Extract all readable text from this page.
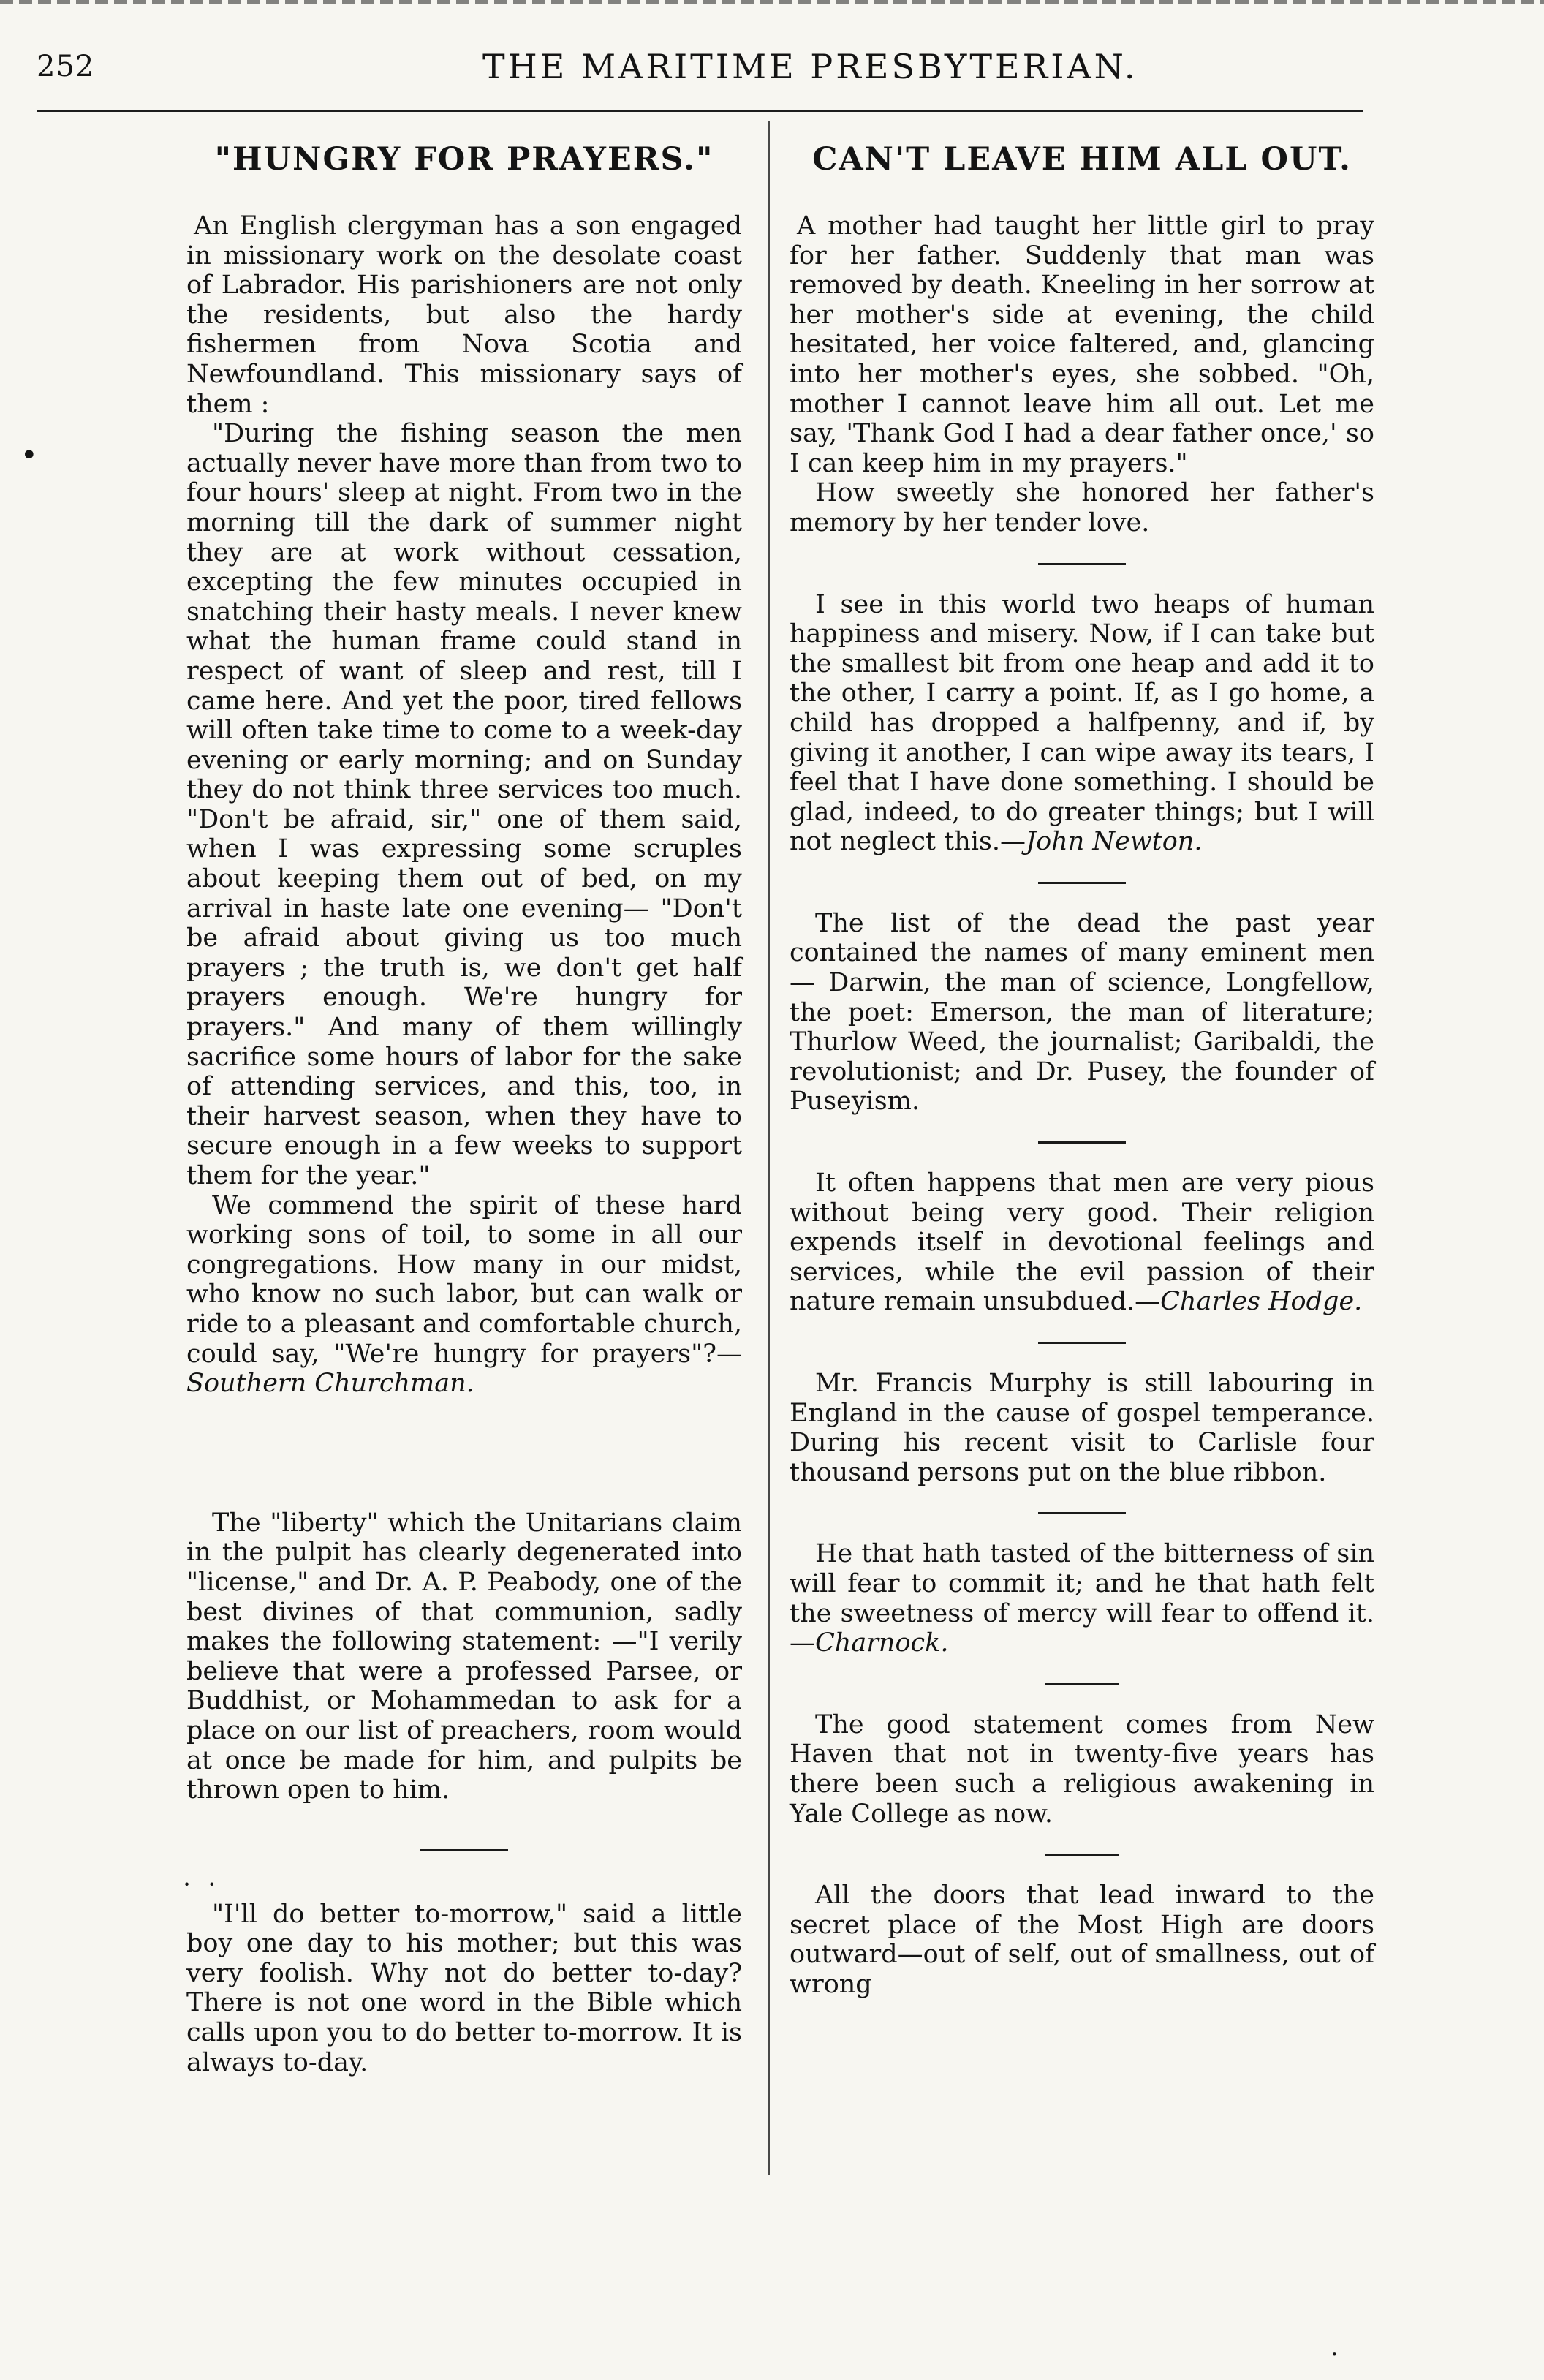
252	THE MARITIME PRESBYTERIAN.
•
"HUNGRY FOR PRAYERS."

An English clergyman has a son engaged in missionary work on the desolate coast of Labrador. His parishioners are not only the residents, but also the hardy fishermen from Nova Scotia and Newfoundland. This missionary says of them :

"During the fishing season the men actually never have more than from two to four hours' sleep at night. From two in the morning till the dark of summer night they are at work without cessation, excepting the few minutes occupied in snatching their hasty meals. I never knew what the human frame could stand in respect of want of sleep and rest, till I came here. And yet the poor, tired fellows will often take time to come to a week-day evening or early morning; and on Sunday they do not think three services too much. "Don't be afraid, sir," one of them said, when I was expressing some scruples about keeping them out of bed, on my arrival in haste late one evening— "Don't be afraid about giving us too much prayers ; the truth is, we don't get half prayers enough. We're hungry for prayers." And many of them willingly sacrifice some hours of labor for the sake of attending services, and this, too, in their harvest season, when they have to secure enough in a few weeks to support them for the year."

We commend the spirit of these hard working sons of toil, to some in all our congregations. How many in our midst, who know no such labor, but can walk or ride to a pleasant and comfortable church, could say, "We're hungry for prayers"?—Southern Churchman.

The "liberty" which the Unitarians claim in the pulpit has clearly degenerated into "license," and Dr. A. P. Peabody, one of the best divines of that communion, sadly makes the following statement: —"I verily believe that were a professed Parsee, or Buddhist, or Mohammedan to ask for a place on our list of preachers, room would at once be made for him, and pulpits be thrown open to him.

· ·

"I'll do better to-morrow," said a little boy one day to his mother; but this was very foolish. Why not do better to-day? There is not one word in the Bible which calls upon you to do better to-morrow. It is always to-day.

CAN'T LEAVE HIM ALL OUT.

A mother had taught her little girl to pray for her father. Suddenly that man was removed by death. Kneeling in her sorrow at her mother's side at evening, the child hesitated, her voice faltered, and, glancing into her mother's eyes, she sobbed. "Oh, mother I cannot leave him all out. Let me say, 'Thank God I had a dear father once,' so I can keep him in my prayers."

How sweetly she honored her father's memory by her tender love.

I see in this world two heaps of human happiness and misery. Now, if I can take but the smallest bit from one heap and add it to the other, I carry a point. If, as I go home, a child has dropped a halfpenny, and if, by giving it another, I can wipe away its tears, I feel that I have done something. I should be glad, indeed, to do greater things; but I will not neglect this.—John Newton.

The list of the dead the past year contained the names of many eminent men— Darwin, the man of science, Longfellow, the poet: Emerson, the man of literature; Thurlow Weed, the journalist; Garibaldi, the revolutionist; and Dr. Pusey, the founder of Puseyism.

It often happens that men are very pious without being very good. Their religion expends itself in devotional feelings and services, while the evil passion of their nature remain unsubdued.—Charles Hodge.

Mr. Francis Murphy is still labouring in England in the cause of gospel temperance. During his recent visit to Carlisle four thousand persons put on the blue ribbon.

He that hath tasted of the bitterness of sin will fear to commit it; and he that hath felt the sweetness of mercy will fear to offend it.—Charnock.

The good statement comes from New Haven that not in twenty-five years has there been such a religious awakening in Yale College as now.

All the doors that lead inward to the secret place of the Most High are doors outward—out of self, out of smallness, out of wrong

·
